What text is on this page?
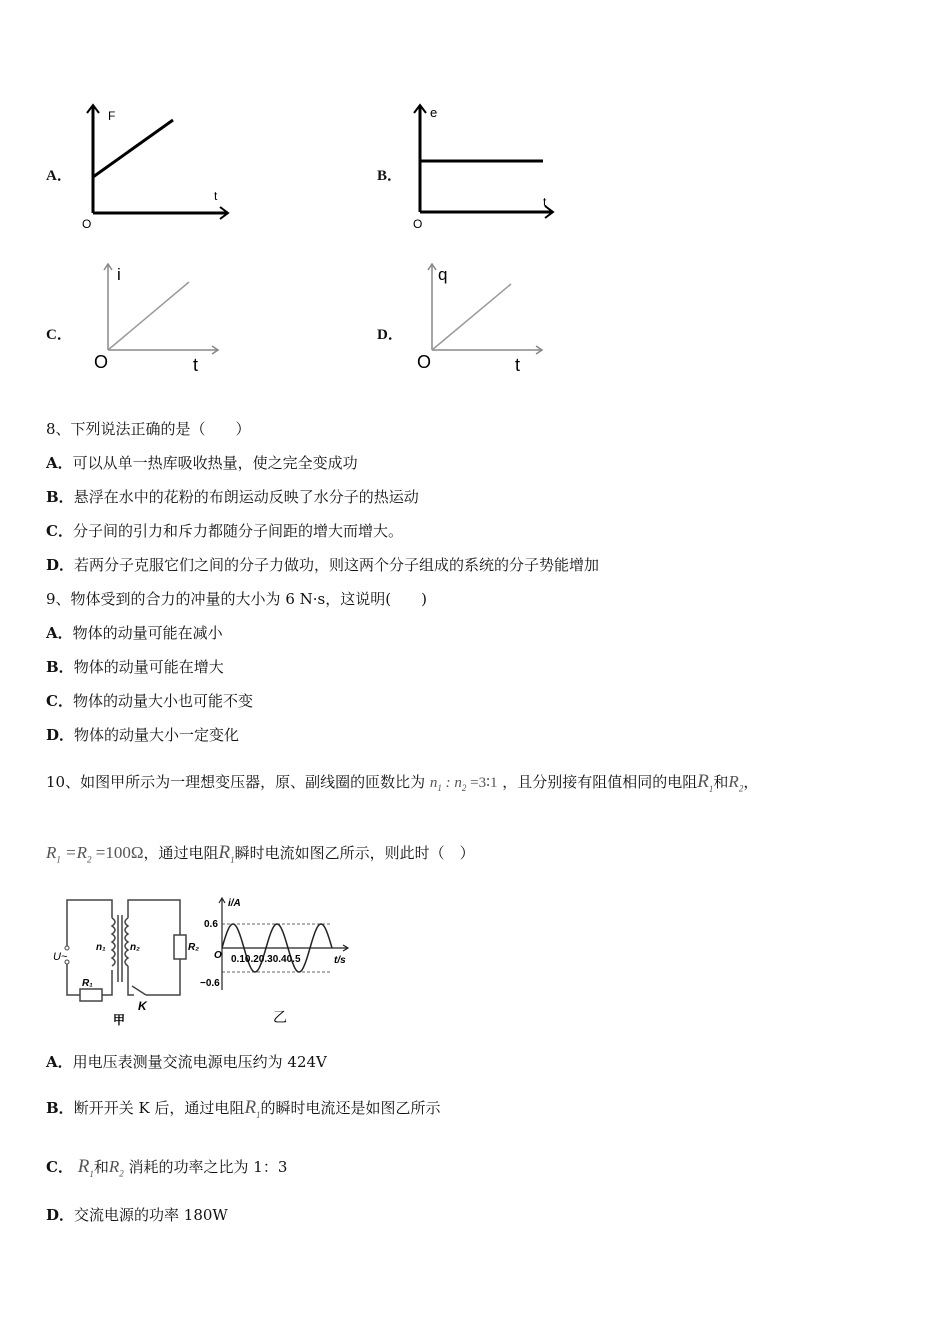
A．
F
t
O
B．
e
t
O
C．
i
t
O
D．
q
t
O
8、下列说法正确的是（　　）
A．可以从单一热库吸收热量，使之完全变成功
B．悬浮在水中的花粉的布朗运动反映了水分子的热运动
C．分子间的引力和斥力都随分子间距的增大而增大。
D．若两分子克服它们之间的分子力做功，则这两个分子组成的系统的分子势能增加
9、物体受到的合力的冲量的大小为 6 N·s，这说明(　　)
A．物体的动量可能在减小
B．物体的动量可能在增大
C．物体的动量大小也可能不变
D．物体的动量大小一定变化
10、如图甲所示为一理想变压器，原、副线圈的匝数比为 $n_1$ : $n_2$ =3∶1 ，且分别接有阻值相同的电阻$R_1$和$R_2$，
$R_1 =R_2 =100\Omega$，通过电阻$R_1$瞬时电流如图乙所示，则此时（　）
U~
n₁ n₂
R₁
R₂
K
甲
i/A
t/s
O
0.6
−0.6
0.10.20.30.40.5
乙
A．用电压表测量交流电源电压约为 424V
B．断开开关 K 后，通过电阻$R_1$的瞬时电流还是如图乙所示
C． $R_1$和$R_2$ 消耗的功率之比为 1：3
D．交流电源的功率 180W
